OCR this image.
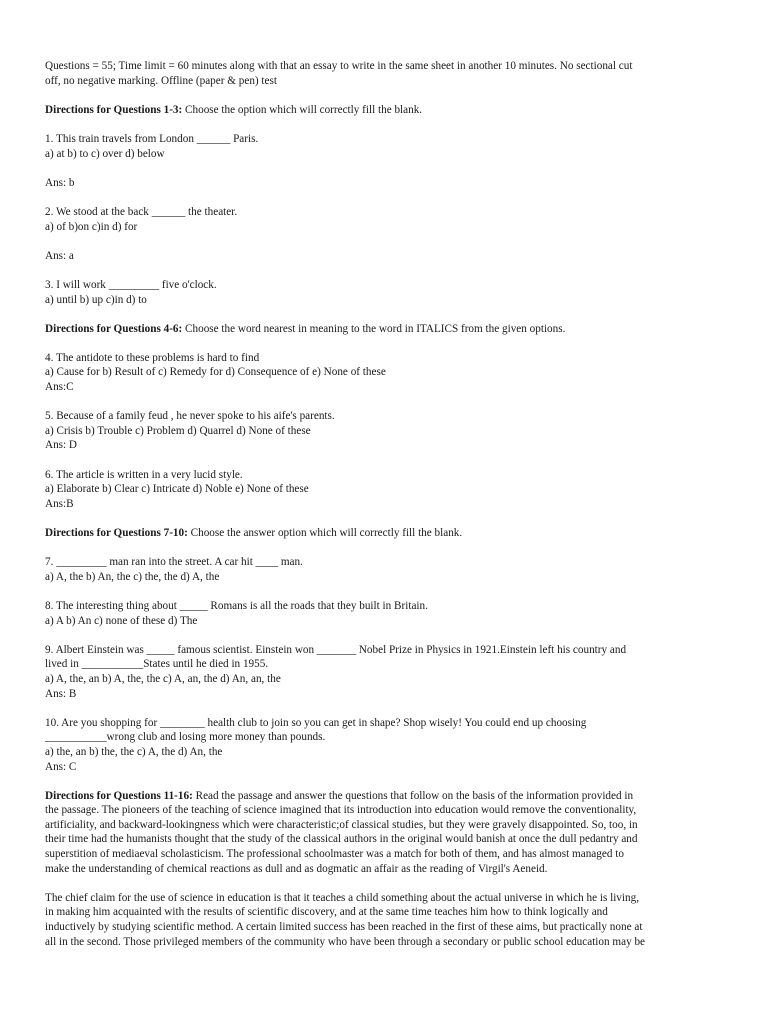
Questions = 55; Time limit = 60 minutes along with that an essay to write in the same sheet in another 10 minutes. No sectional cut
off, no negative marking. Offline (paper & pen) test

Directions for Questions 1-3: Choose the option which will correctly fill the blank.

1. This train travels from London ______ Paris.
a) at b) to c) over d) below

Ans: b

2. We stood at the back ______ the theater.
a) of b)on c)in d) for

Ans: a

3. I will work _________ five o'clock.
a) until b) up c)in d) to

Directions for Questions 4-6: Choose the word nearest in meaning to the word in ITALICS from the given options.

4. The antidote to these problems is hard to find
a) Cause for b) Result of c) Remedy for d) Consequence of e) None of these
Ans:C

5. Because of a family feud , he never spoke to his aife's parents.
a) Crisis b) Trouble c) Problem d) Quarrel d) None of these
Ans: D

6. The article is written in a very lucid style.
a) Elaborate b) Clear c) Intricate d) Noble e) None of these
Ans:B

Directions for Questions 7-10: Choose the answer option which will correctly fill the blank.

7. _________ man ran into the street. A car hit ____ man.
a) A, the b) An, the c) the, the d) A, the

8. The interesting thing about _____ Romans is all the roads that they built in Britain.
a) A b) An c) none of these d) The

9. Albert Einstein was _____ famous scientist. Einstein won _______ Nobel Prize in Physics in 1921.Einstein left his country and
lived in ___________States until he died in 1955.
a) A, the, an b) A, the, the c) A, an, the d) An, an, the
Ans: B

10. Are you shopping for ________ health club to join so you can get in shape? Shop wisely! You could end up choosing
___________wrong club and losing more money than pounds.
a) the, an b) the, the c) A, the d) An, the
Ans: C

Directions for Questions 11-16: Read the passage and answer the questions that follow on the basis of the information provided in
the passage. The pioneers of the teaching of science imagined that its introduction into education would remove the conventionality,
artificiality, and backward-lookingness which were characteristic;of classical studies, but they were gravely disappointed. So, too, in
their time had the humanists thought that the study of the classical authors in the original would banish at once the dull pedantry and
superstition of mediaeval scholasticism. The professional schoolmaster was a match for both of them, and has almost managed to
make the understanding of chemical reactions as dull and as dogmatic an affair as the reading of Virgil's Aeneid.

The chief claim for the use of science in education is that it teaches a child something about the actual universe in which he is living,
in making him acquainted with the results of scientific discovery, and at the same time teaches him how to think logically and
inductively by studying scientific method. A certain limited success has been reached in the first of these aims, but practically none at
all in the second. Those privileged members of the community who have been through a secondary or public school education may be
